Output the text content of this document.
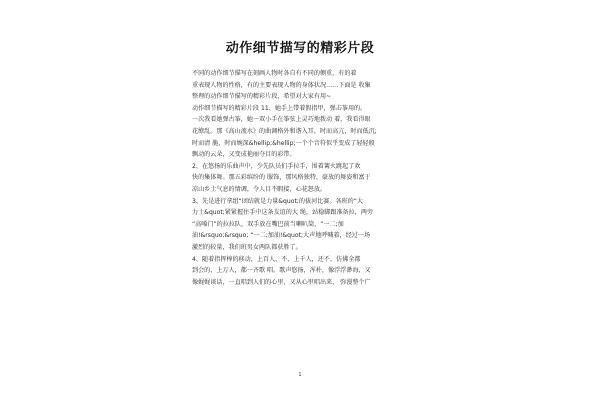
动作细节描写的精彩片段
不同的动作细节描写在刻画人物时各自有不同的侧重，有的着
重表现人物的性格，有的主要表现人物的身体状况……下面是 收集
整理的动作细节描写的精彩片段，希望对大家有用~
动作细节描写的精彩片段 11、她手上带着假指甲，弹击筝用的。
一次我看她弹古筝，她一双小手在筝弦上灵巧地拨动 着，我看得眼
花缭乱。那《高山流水》的曲调格外和谐入耳，时而高亢，时而低沉;
时而清 脆，时而婉深&hellip;&hellip;一个个音符似乎变成了轻轻般
飘动的云朵，又变成艳丽夺目的彩带。
2、在悠扬的乐曲声中，少先队员们手拉手，围着篝火跳起了欢
快的集体舞。那五彩缤纷的 服饰，那风格独特、豪放的舞姿和富于
凉山乡土气息的情调，令人目不暇接，心花怒放。
3、先是进行拿组“团结就是力量&quot;的拔河比赛。各班的“大
力士&quot;紧紧握住手中这条友谊的大 绳，站稳脚跟准备拉，两旁
“高嗓门”的拉拉队，双手放在嘴巴前当喇叭筒，“一二;加
油!&rsquo;&rsquo; “一二;加油!&quot;大声地呼喊着，经过一场
激烈的较量，我们班男女两队都获胜了。
4、随着指挥棒的移动，上百人，不，上千人，还不，仿佛全都
到会的，上万人，都一齐歌 唱。歌声悠扬，浑朴，像浮浮渺海，又
像娓娓谈话，一直唱到人们的心里，又从心里唱出来， 弥漫整个广
1
